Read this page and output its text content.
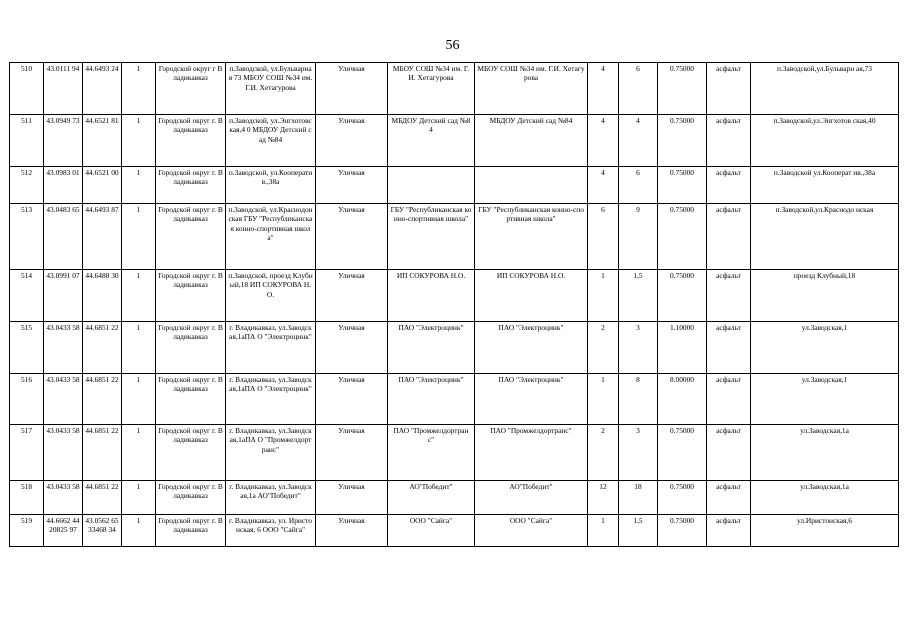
56
510	43.0111 94	44.6493 24	1	Городской округ г Владикавказ	п.Заводской, ул.Бульварная 73 МБОУ СОШ №34 им. Г.И. Хетагурова	Уличная	МБОУ СОШ №34 им. Г.И. Хетагурова	МБОУ СОШ №34 им. Г.И. Хетагурова	4	6	0.75000	асфальт	п.Заводской,ул.Бульварн ая,73
511	43.0949 73	44.6521 81	1	Городской округ г. Владикавказ	п.Заводской, ул.Энгхотовская,4 0 МБДОУ Детский сад №84	Уличная	МБДОУ Детский сад №84	МБДОУ Детский сад №84	4	4	0.75000	асфальт	п.Заводской,ул.Энгхотов ская,40
512	43.0983 01	44.6521 00	1	Городской округ г. Владикавказ	п.Заводской, ул.Кооператив.,38а	Уличная			4	6	0.75000	асфальт	п.Заводской ул.Кооперат ив.,38а
513	43.0483 65	44.6493 87	1	Городской округ г. Владикавказ	п.Заводской, ул.Краснодонская ГБУ "Республиканская конно-спортивная школа"	Уличная	ГБУ "Республиканская конно-спортивная школа"	ГБУ "Республиканская конно-спортивная школа"	6	9	0.75000	асфальт	п.Заводской,ул.Краснодо нская
514	43.0991 07	44.6488 30	1	Городской округ г. Владикавказ	п.Заводской, проезд Клубный,18 ИП СОКУРОВА Н.О.	Уличная	ИП СОКУРОВА Н.О.	ИП СОКУРОВА Н.О.	1	1,5	0.75000	асфальт	проезд Клубный,18
515	43.0433 58	44.6851 22	1	Городской округ г. Владикавказ	г. Владикавказ, ул.Заводская,1аПА О "Электроцинк"	Уличная	ПАО "Электроцинк"	ПАО "Электроцинк"	2	3	1.10000	асфальт	ул.Заводская,1
516	43.0433 58	44.6851 22	1	Городской округ г. Владикавказ	г. Владикавказ, ул.Заводская,1аПА О "Электроцинк"	Уличная	ПАО "Электроцинк"	ПАО "Электроцинк"	1	8	8.00000	асфальт	ул.Заводская,1
517	43.0433 58	44.6851 22	1	Городской округ г. Владикавказ	г. Владикавказ, ул.Заводская,1аПА О "Промжелдортранс"	Уличная	ПАО "Промжелдортран с"	ПАО "Промжелдортранс"	2	3	0.75000	асфальт	ул.Заводская,1а
518	43.0433 58	44.6851 22	1	Городской округ г. Владикавказ	г. Владикавказ, ул.Заводская,1а АО"Победит"	Уличная	АО"Победит"	АО"Победит"	12	18	0.75000	асфальт	ул.Заводская,1а
519	44.6662 4420825 97	43.0562 6533468 34	1	Городской округ г. Владикавказ	г. Владикавказ, ул. Иристонская, 6 ООО "Сайга"	Уличная	ООО "Сайга"	ООО "Сайга"	1	1,5	0.75000	асфальт	ул.Иристонская,6
